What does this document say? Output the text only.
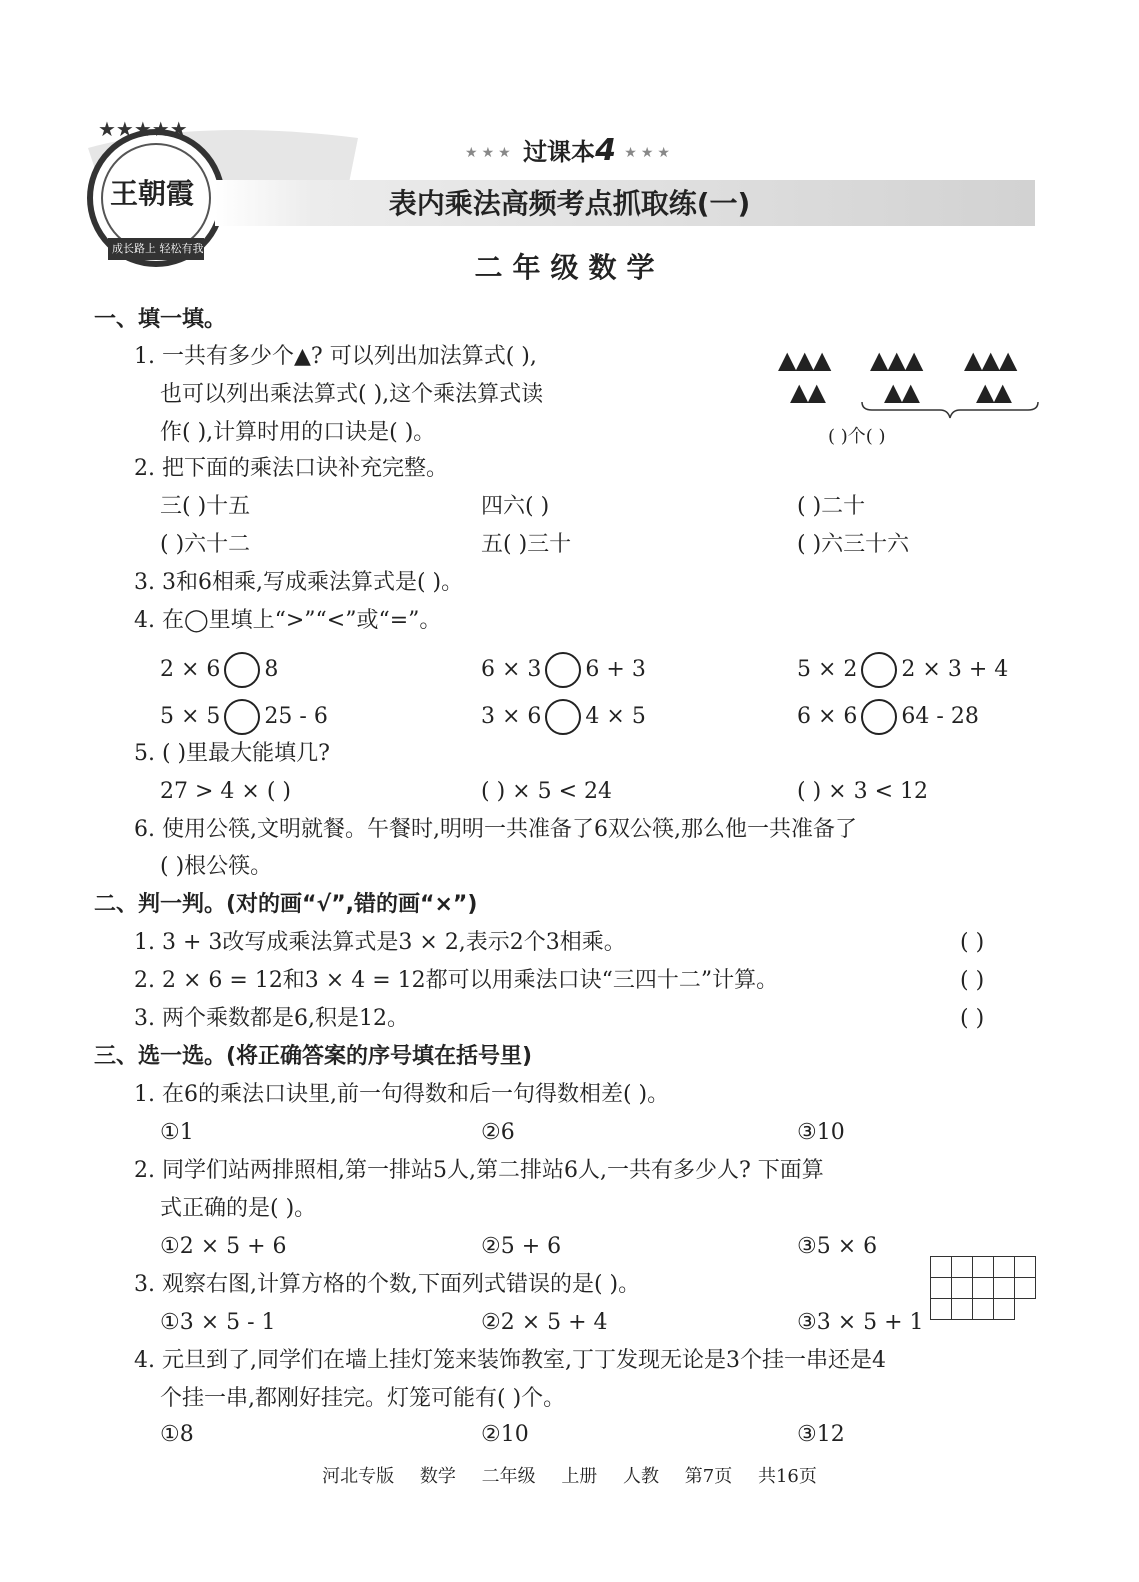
★★★★★
王朝霞
成长路上 轻松有我
★★★ 过课本4 ★★★
表内乘法高频考点抓取练(一)
二年级数学
一、填一填。
1. 一共有多少个▲? 可以列出加法算式( ),
也可以列出乘法算式( ),这个乘法算式读
作( ),计算时用的口诀是( )。
▲▲▲ ▲▲▲ ▲▲▲
▲▲ ▲▲ ▲▲
( )个( )
2. 把下面的乘法口诀补充完整。
三( )十五	四六( )	( )二十
( )六十二	五( )三十	( )六三十六
3. 3和6相乘,写成乘法算式是( )。
4. 在◯里填上“>”“<”或“=”。
2 × 6 8	6 × 3 6 + 3	5 × 2 2 × 3 + 4
5 × 5 25 - 6	3 × 6 4 × 5	6 × 6 64 - 28
5. ( )里最大能填几?
27 > 4 × ( )	( ) × 5 < 24	( ) × 3 < 12
6. 使用公筷,文明就餐。午餐时,明明一共准备了6双公筷,那么他一共准备了
( )根公筷。
二、判一判。(对的画“√”,错的画“×”)
1. 3 + 3改写成乘法算式是3 × 2,表示2个3相乘。	( )
2. 2 × 6 = 12和3 × 4 = 12都可以用乘法口诀“三四十二”计算。	( )
3. 两个乘数都是6,积是12。	( )
三、选一选。(将正确答案的序号填在括号里)
1. 在6的乘法口诀里,前一句得数和后一句得数相差( )。
①1	②6	③10
2. 同学们站两排照相,第一排站5人,第二排站6人,一共有多少人? 下面算
式正确的是( )。
①2 × 5 + 6	②5 + 6	③5 × 6
3. 观察右图,计算方格的个数,下面列式错误的是( )。
①3 × 5 - 1	②2 × 5 + 4	③3 × 5 + 1

4. 元旦到了,同学们在墙上挂灯笼来装饰教室,丁丁发现无论是3个挂一串还是4
个挂一串,都刚好挂完。灯笼可能有( )个。
①8	②10	③12
河北专版 数学 二年级 上册 人教 第7页 共16页
